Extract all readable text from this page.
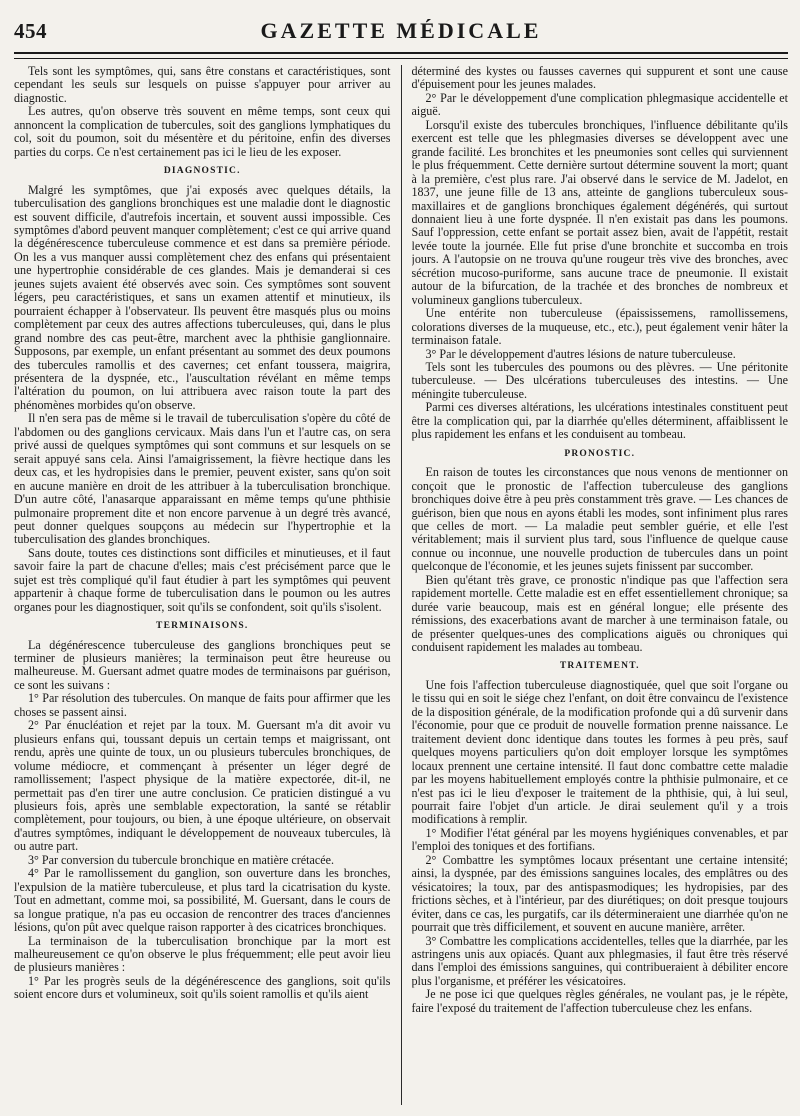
454	GAZETTE MÉDICALE

Tels sont les symptômes, qui, sans être constans et caractéristiques, sont cependant les seuls sur lesquels on puisse s'appuyer pour arriver au diagnostic.

Les autres, qu'on observe très souvent en même temps, sont ceux qui annoncent la complication de tubercules, soit des ganglions lymphatiques du col, soit du poumon, soit du mésentère et du péritoine, enfin des diverses parties du corps. Ce n'est certainement pas ici le lieu de les exposer.

DIAGNOSTIC.

Malgré les symptômes, que j'ai exposés avec quelques détails, la tuberculisation des ganglions bronchiques est une maladie dont le diagnostic est souvent difficile, d'autrefois incertain, et souvent aussi impossible. Ces symptômes d'abord peuvent manquer complètement; c'est ce qui arrive quand la dégénérescence tuberculeuse commence et est dans sa première période. On les a vus manquer aussi complètement chez des enfans qui présentaient une hypertrophie considérable de ces glandes. Mais je demanderai si ces jeunes sujets avaient été observés avec soin. Ces symptômes sont souvent légers, peu caractéristiques, et sans un examen attentif et minutieux, ils pourraient échapper à l'observateur. Ils peuvent être masqués plus ou moins complètement par ceux des autres affections tuberculeuses, qui, dans le plus grand nombre des cas peut-être, marchent avec la phthisie ganglionnaire. Supposons, par exemple, un enfant présentant au sommet des deux poumons des tubercules ramollis et des cavernes; cet enfant toussera, maigrira, présentera de la dyspnée, etc., l'auscultation révélant en même temps l'altération du poumon, on lui attribuera avec raison toute la part des phénomènes morbides qu'on observe.

Il n'en sera pas de même si le travail de tuberculisation s'opère du côté de l'abdomen ou des ganglions cervicaux. Mais dans l'un et l'autre cas, on sera privé aussi de quelques symptômes qui sont communs et sur lesquels on se serait appuyé sans cela. Ainsi l'amaigrissement, la fièvre hectique dans les deux cas, et les hydropisies dans le premier, peuvent exister, sans qu'on soit en aucune manière en droit de les attribuer à la tuberculisation bronchique. D'un autre côté, l'anasarque apparaissant en même temps qu'une phthisie pulmonaire proprement dite et non encore parvenue à un degré très avancé, peut donner quelques soupçons au médecin sur l'hypertrophie et la tuberculisation des glandes bronchiques.

Sans doute, toutes ces distinctions sont difficiles et minutieuses, et il faut savoir faire la part de chacune d'elles; mais c'est précisément parce que le sujet est très compliqué qu'il faut étudier à part les symptômes qui peuvent appartenir à chaque forme de tuberculisation dans le poumon ou les autres organes pour les diagnostiquer, soit qu'ils se confondent, soit qu'ils s'isolent.

TERMINAISONS.

La dégénérescence tuberculeuse des ganglions bronchiques peut se terminer de plusieurs manières; la terminaison peut être heureuse ou malheureuse. M. Guersant admet quatre modes de terminaisons par guérison, ce sont les suivans :

1° Par résolution des tubercules. On manque de faits pour affirmer que les choses se passent ainsi.

2° Par énucléation et rejet par la toux. M. Guersant m'a dit avoir vu plusieurs enfans qui, toussant depuis un certain temps et maigrissant, ont rendu, après une quinte de toux, un ou plusieurs tubercules bronchiques, de volume médiocre, et commençant à présenter un léger degré de ramollissement; l'aspect physique de la matière expectorée, dit-il, ne permettait pas d'en tirer une autre conclusion. Ce praticien distingué a vu plusieurs fois, après une semblable expectoration, la santé se rétablir complètement, pour toujours, ou bien, à une époque ultérieure, on observait d'autres symptômes, indiquant le développement de nouveaux tubercules, là ou autre part.

3° Par conversion du tubercule bronchique en matière crétacée.

4° Par le ramollissement du ganglion, son ouverture dans les bronches, l'expulsion de la matière tuberculeuse, et plus tard la cicatrisation du kyste. Tout en admettant, comme moi, sa possibilité, M. Guersant, dans le cours de sa longue pratique, n'a pas eu occasion de rencontrer des traces d'anciennes lésions, qu'on pût avec quelque raison rapporter à des cicatrices bronchiques.

La terminaison de la tuberculisation bronchique par la mort est malheureusement ce qu'on observe le plus fréquemment; elle peut avoir lieu de plusieurs manières :

1° Par les progrès seuls de la dégénérescence des ganglions, soit qu'ils soient encore durs et volumineux, soit qu'ils soient ramollis et qu'ils aient

déterminé des kystes ou fausses cavernes qui suppurent et sont une cause d'épuisement pour les jeunes malades.

2° Par le développement d'une complication phlegmasique accidentelle et aiguë.

Lorsqu'il existe des tubercules bronchiques, l'influence débilitante qu'ils exercent est telle que les phlegmasies diverses se développent avec une grande facilité. Les bronchites et les pneumonies sont celles qui surviennent le plus fréquemment. Cette dernière surtout détermine souvent la mort; quant à la première, c'est plus rare. J'ai observé dans le service de M. Jadelot, en 1837, une jeune fille de 13 ans, atteinte de ganglions tuberculeux sous-maxillaires et de ganglions bronchiques également dégénérés, qui surtout donnaient lieu à une forte dyspnée. Il n'en existait pas dans les poumons. Sauf l'oppression, cette enfant se portait assez bien, avait de l'appétit, restait levée toute la journée. Elle fut prise d'une bronchite et succomba en trois jours. A l'autopsie on ne trouva qu'une rougeur très vive des bronches, avec sécrétion mucoso-puriforme, sans aucune trace de pneumonie. Il existait autour de la bifurcation, de la trachée et des bronches de nombreux et volumineux ganglions tuberculeux.

Une entérite non tuberculeuse (épaississemens, ramollissemens, colorations diverses de la muqueuse, etc., etc.), peut également venir hâter la terminaison fatale.

3° Par le développement d'autres lésions de nature tuberculeuse.

Tels sont les tubercules des poumons ou des plèvres. — Une péritonite tuberculeuse. — Des ulcérations tuberculeuses des intestins. — Une méningite tuberculeuse.

Parmi ces diverses altérations, les ulcérations intestinales constituent peut être la complication qui, par la diarrhée qu'elles déterminent, affaiblissent le plus rapidement les enfans et les conduisent au tombeau.

PRONOSTIC.

En raison de toutes les circonstances que nous venons de mentionner on conçoit que le pronostic de l'affection tuberculeuse des ganglions bronchiques doive être à peu près constamment très grave. — Les chances de guérison, bien que nous en ayons établi les modes, sont infiniment plus rares que celles de mort. — La maladie peut sembler guérie, et elle l'est véritablement; mais il survient plus tard, sous l'influence de quelque cause connue ou inconnue, une nouvelle production de tubercules dans un point quelconque de l'économie, et les jeunes sujets finissent par succomber.

Bien qu'étant très grave, ce pronostic n'indique pas que l'affection sera rapidement mortelle. Cette maladie est en effet essentiellement chronique; sa durée varie beaucoup, mais est en général longue; elle présente des rémissions, des exacerbations avant de marcher à une terminaison fatale, ou de présenter quelques-unes des complications aiguës ou chroniques qui conduisent rapidement les malades au tombeau.

TRAITEMENT.

Une fois l'affection tuberculeuse diagnostiquée, quel que soit l'organe ou le tissu qui en soit le siége chez l'enfant, on doit être convaincu de l'existence de la disposition générale, de la modification profonde qui a dû survenir dans l'économie, pour que ce produit de nouvelle formation prenne naissance. Le traitement devient donc identique dans toutes les formes à peu près, sauf quelques moyens particuliers qu'on doit employer lorsque les symptômes locaux prennent une certaine intensité. Il faut donc combattre cette maladie par les moyens habituellement employés contre la phthisie pulmonaire, et ce n'est pas ici le lieu d'exposer le traitement de la phthisie, qui, à lui seul, pourrait faire l'objet d'un article. Je dirai seulement qu'il y a trois modifications à remplir.

1° Modifier l'état général par les moyens hygiéniques convenables, et par l'emploi des toniques et des fortifians.

2° Combattre les symptômes locaux présentant une certaine intensité; ainsi, la dyspnée, par des émissions sanguines locales, des emplâtres ou des vésicatoires; la toux, par des antispasmodiques; les hydropisies, par des frictions sèches, et à l'intérieur, par des diurétiques; on doit presque toujours éviter, dans ce cas, les purgatifs, car ils détermineraient une diarrhée qu'on ne pourrait que très difficilement, et souvent en aucune manière, arrêter.

3° Combattre les complications accidentelles, telles que la diarrhée, par les astringens unis aux opiacés. Quant aux phlegmasies, il faut être très réservé dans l'emploi des émissions sanguines, qui contribueraient à débiliter encore plus l'organisme, et préférer les vésicatoires.

Je ne pose ici que quelques règles générales, ne voulant pas, je le répète, faire l'exposé du traitement de l'affection tuberculeuse chez les enfans.
